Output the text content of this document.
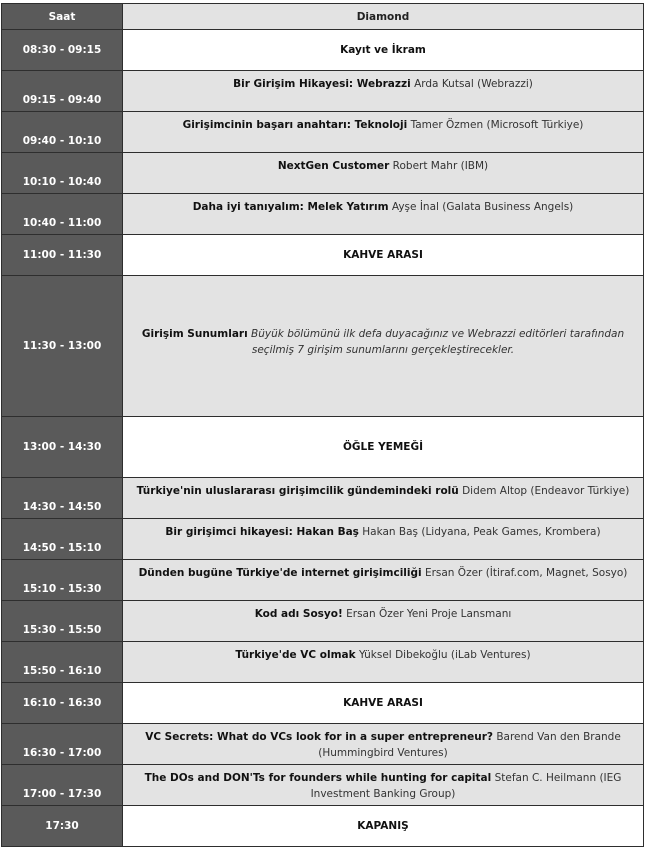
Saat	Diamond
08:30 - 09:15	Kayıt ve İkram
09:15 - 09:40	Bir Girişim Hikayesi: Webrazzi Arda Kutsal (Webrazzi)
09:40 - 10:10	Girişimcinin başarı anahtarı: Teknoloji Tamer Özmen (Microsoft Türkiye)
10:10 - 10:40	NextGen Customer Robert Mahr (IBM)
10:40 - 11:00	Daha iyi tanıyalım: Melek Yatırım Ayşe İnal (Galata Business Angels)
11:00 - 11:30	KAHVE ARASI
11:30 - 13:00	Girişim Sunumları Büyük bölümünü ilk defa duyacağınız ve Webrazzi editörleri tarafından seçilmiş 7 girişim sunumlarını gerçekleştirecekler.
13:00 - 14:30	ÖĞLE YEMEĞİ
14:30 - 14:50	Türkiye'nin uluslararası girişimcilik gündemindeki rolü Didem Altop (Endeavor Türkiye)
14:50 - 15:10	Bir girişimci hikayesi: Hakan Baş Hakan Baş (Lidyana, Peak Games, Krombera)
15:10 - 15:30	Dünden bugüne Türkiye'de internet girişimciliği Ersan Özer (İtiraf.com, Magnet, Sosyo)
15:30 - 15:50	Kod adı Sosyo! Ersan Özer Yeni Proje Lansmanı
15:50 - 16:10	Türkiye'de VC olmak Yüksel Dibekoğlu (iLab Ventures)
16:10 - 16:30	KAHVE ARASI
16:30 - 17:00	VC Secrets: What do VCs look for in a super entrepreneur? Barend Van den Brande (Hummingbird Ventures)
17:00 - 17:30	The DOs and DON'Ts for founders while hunting for capital Stefan C. Heilmann (IEG Investment Banking Group)
17:30	KAPANIŞ
